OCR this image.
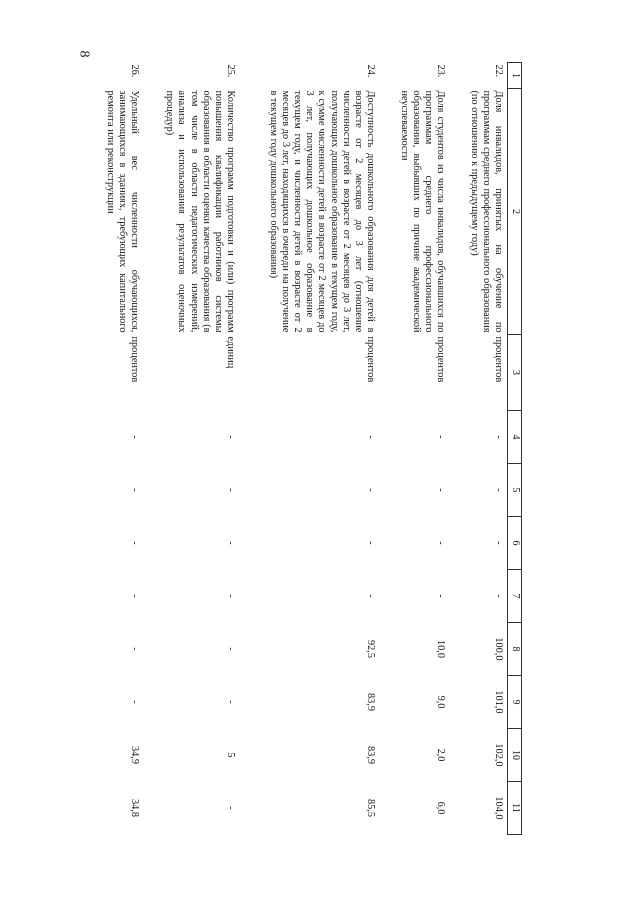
8
1	2	3	4	5	6	7	8	9	10	11
22.	Доля инвалидов, принятых на обучение по программам среднего профессионального образования (по отношению к предыдущему году)	процентов	-	-	-	-	100,0	101,0	102,0	104,0
23.	Доля студентов из числа инвалидов, обучавшихся по программам среднего профессионального образования, выбывших по причине академической неуспеваемости	процентов	-	-	-	-	10,0	9,0	2,0	6,0
24.	Доступность дошкольного образования для детей в возрасте от 2 месяцев до 3 лет (отношение численности детей в возрасте от 2 месяцев до 3 лет, получающих дошкольное образование в текущем году, к сумме численности детей в возрасте от 2 месяцев до 3 лет, получающих дошкольное образование в текущем году, и численности детей в возрасте от 2 месяцев до 3 лет, находящихся в очереди на получение в текущем году дошкольного образования)	процентов	-	-	-	-	92,5	83,9	83,9	85,5
25.	Количество программ подготовки и (или) программ повышения квалификации работников системы образования в области оценки качества образования (в том числе в области педагогических измерений, анализа и использования результатов оценочных процедур)	единиц	-	-	-	-	-	-	5	-
26.	Удельный вес численности обучающихся, занимающихся в зданиях, требующих капитального ремонта или реконструкции	процентов	-	-	-	-	-	-	34,9	34,8
